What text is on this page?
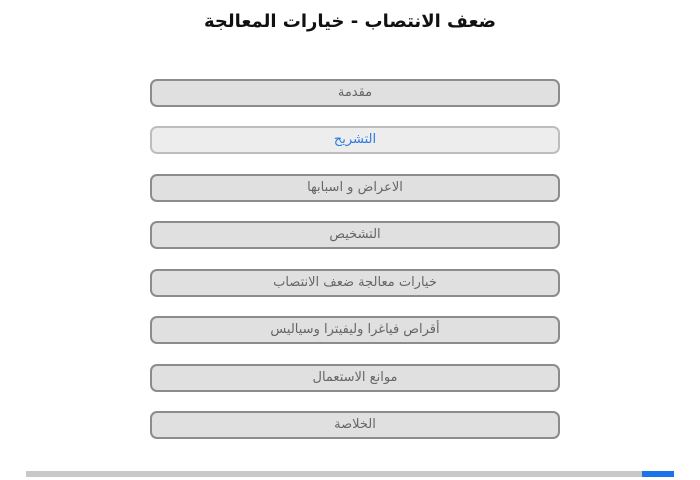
ضعف الانتصاب - خيارات المعالجة
مقدمة
التشريح
الاعراض و اسبابها
التشخيص
خيارات معالجة ضعف الانتصاب
أقراص فياغرا وليفيترا وسياليس
موانع الاستعمال
الخلاصة
